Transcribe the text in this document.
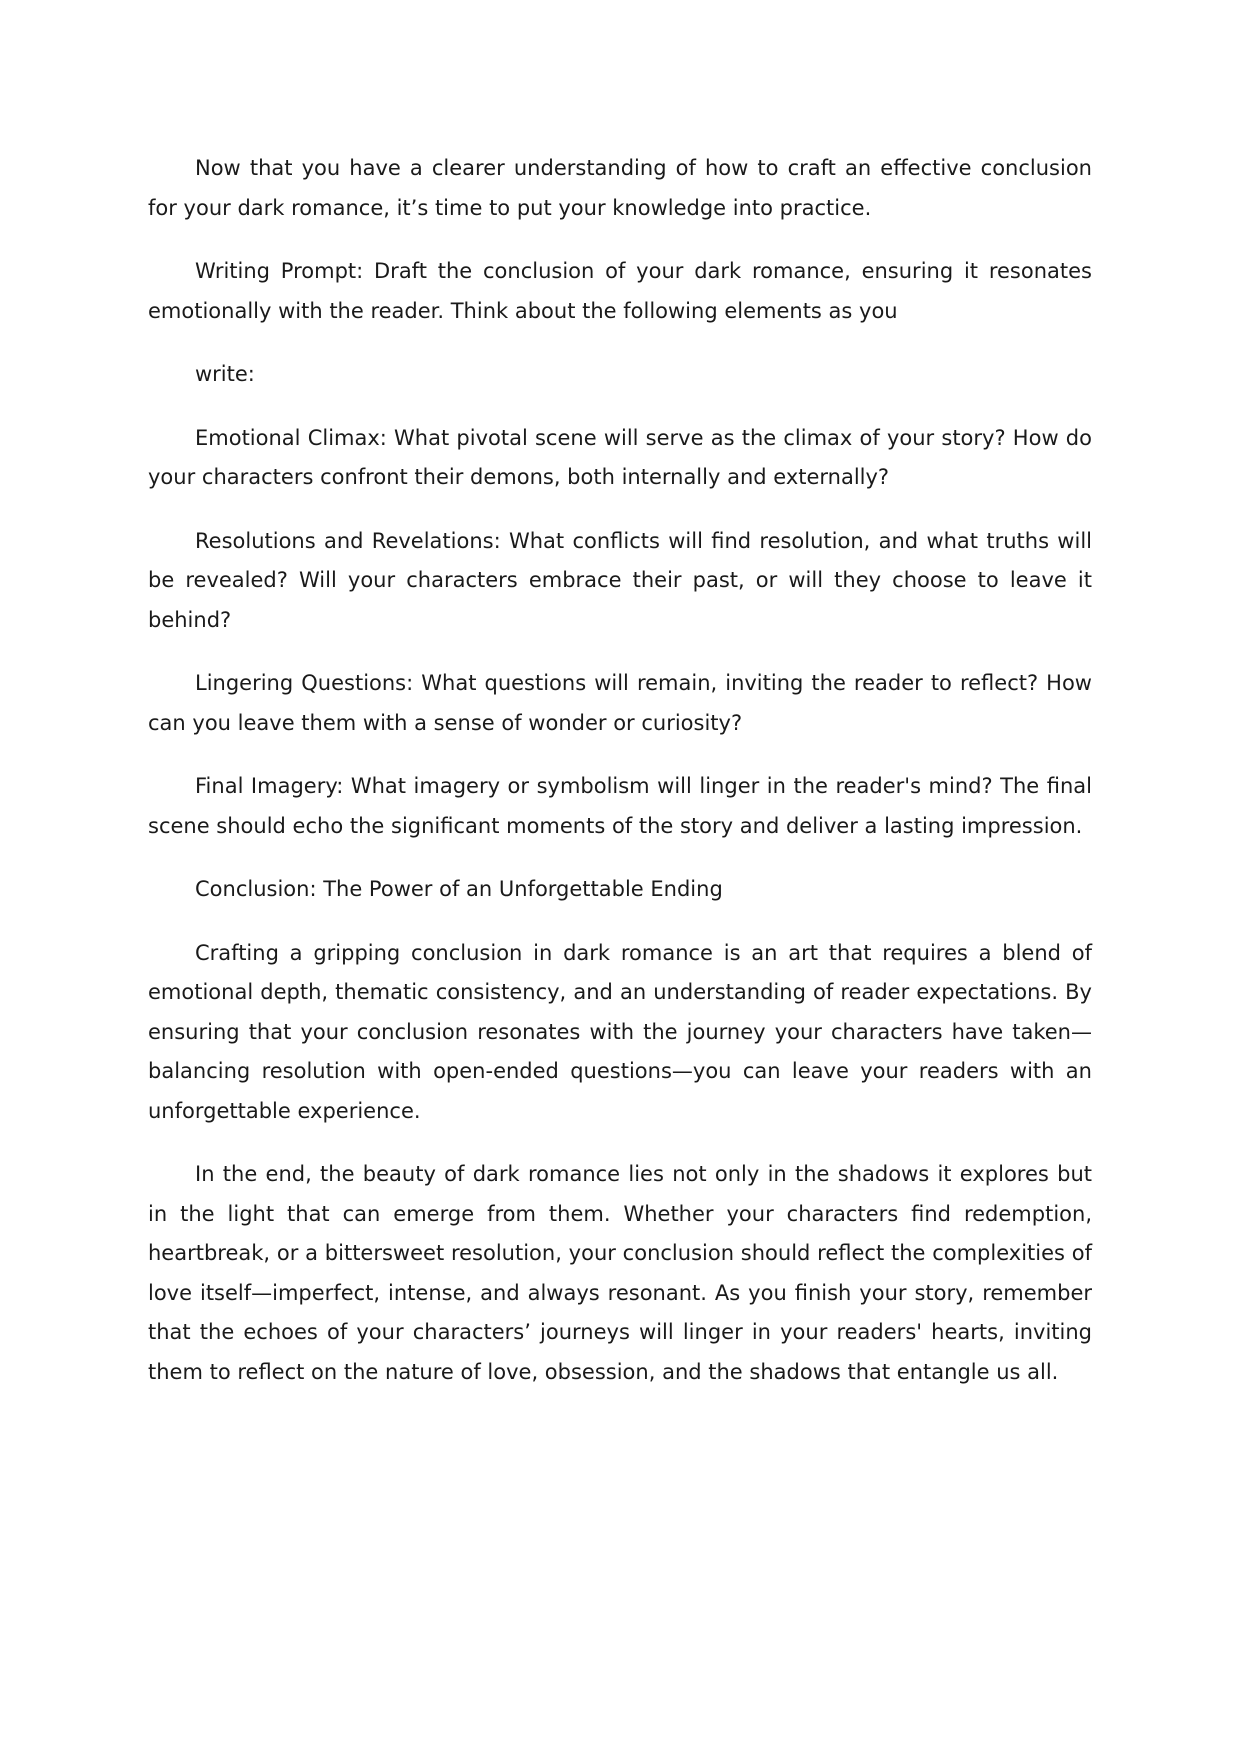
Now that you have a clearer understanding of how to craft an effective conclusion for your dark romance, it’s time to put your knowledge into practice.

Writing Prompt: Draft the conclusion of your dark romance, ensuring it resonates emotionally with the reader. Think about the following elements as you

write:

Emotional Climax: What pivotal scene will serve as the climax of your story? How do your characters confront their demons, both internally and externally?

Resolutions and Revelations: What conflicts will find resolution, and what truths will be revealed? Will your characters embrace their past, or will they choose to leave it behind?

Lingering Questions: What questions will remain, inviting the reader to reflect? How can you leave them with a sense of wonder or curiosity?

Final Imagery: What imagery or symbolism will linger in the reader's mind? The final scene should echo the significant moments of the story and deliver a lasting impression.

Conclusion: The Power of an Unforgettable Ending

Crafting a gripping conclusion in dark romance is an art that requires a blend of emotional depth, thematic consistency, and an understanding of reader expectations. By ensuring that your conclusion resonates with the journey your characters have taken—balancing resolution with open-ended questions—you can leave your readers with an unforgettable experience.

In the end, the beauty of dark romance lies not only in the shadows it explores but in the light that can emerge from them. Whether your characters find redemption, heartbreak, or a bittersweet resolution, your conclusion should reflect the complexities of love itself—imperfect, intense, and always resonant. As you finish your story, remember that the echoes of your characters’ journeys will linger in your readers' hearts, inviting them to reflect on the nature of love, obsession, and the shadows that entangle us all.
